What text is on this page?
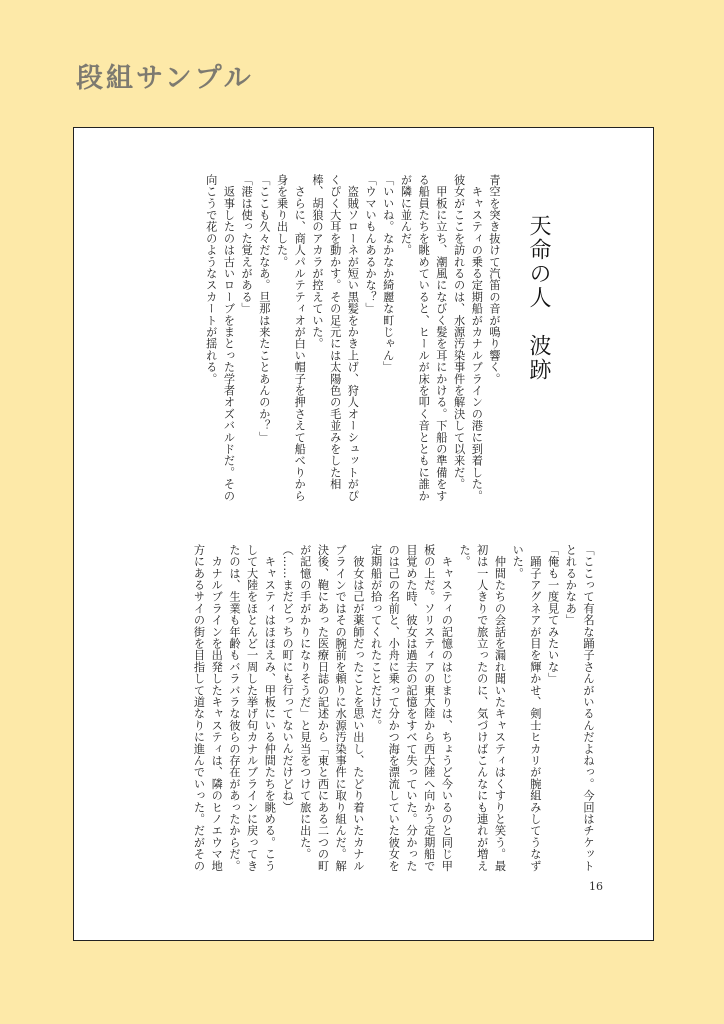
段組サンプル
天命の人波跡
青空を突き抜けて汽笛の音が鳴り響く。
　キャスティの乗る定期船がカナルブラインの港に到着した。
彼女がここを訪れるのは、水源汚染事件を解決して以来だ。
　甲板に立ち、潮風になびく髪を耳にかける。下船の準備をす
る船員たちを眺めていると、ヒールが床を叩く音とともに誰か
が隣に並んだ。
「いいね。なかなか綺麗な町じゃん」
「ウマいもんあるかな？」
　盗賊ソローネが短い黒髪をかき上げ、狩人オーシュットがぴ
くぴく大耳を動かす。その足元には太陽色の毛並みをした相
棒、胡狼のアカラが控えていた。
　さらに、商人パルテティオが白い帽子を押さえて船べりから
身を乗り出した。
「ここも久々だなあ。旦那は来たことあんのか？」
「港は使った覚えがある」
　返事したのは古いローブをまとった学者オズバルドだ。その
向こうで花のようなスカートが揺れる。
「ここって有名な踊子さんがいるんだよねっ。今回はチケット
とれるかなあ」
「俺も一度見てみたいな」
　踊子アグネアが目を輝かせ、剣士ヒカリが腕組みしてうなず
いた。
　仲間たちの会話を漏れ聞いたキャスティはくすりと笑う。最
初は一人きりで旅立ったのに、気づけばこんなにも連れが増え
た。
　キャスティの記憶のはじまりは、ちょうど今いるのと同じ甲
板の上だ。ソリスティアの東大陸から西大陸へ向かう定期船で
目覚めた時、彼女は過去の記憶をすべて失っていた。分かった
のは己の名前と、小舟に乗って分かつ海を漂流していた彼女を
定期船が拾ってくれたことだけだ。
　彼女は己が薬師だったことを思い出し、たどり着いたカナル
ブラインではその腕前を頼りに水源汚染事件に取り組んだ。解
決後、鞄にあった医療日誌の記述から「東と西にある二つの町
が記憶の手がかりになりそうだ」と見当をつけて旅に出た。
（……まだどっちの町にも行ってないんだけどね）
　キャスティはほほえみ、甲板にいる仲間たちを眺める。こう
して大陸をほとんど一周した挙げ句カナルブラインに戻ってき
たのは、生業も年齢もバラバラな彼らの存在があったからだ。
　カナルブラインを出発したキャスティは、隣のヒノエウマ地
方にあるサイの街を目指して道なりに進んでいった。だがその
16
